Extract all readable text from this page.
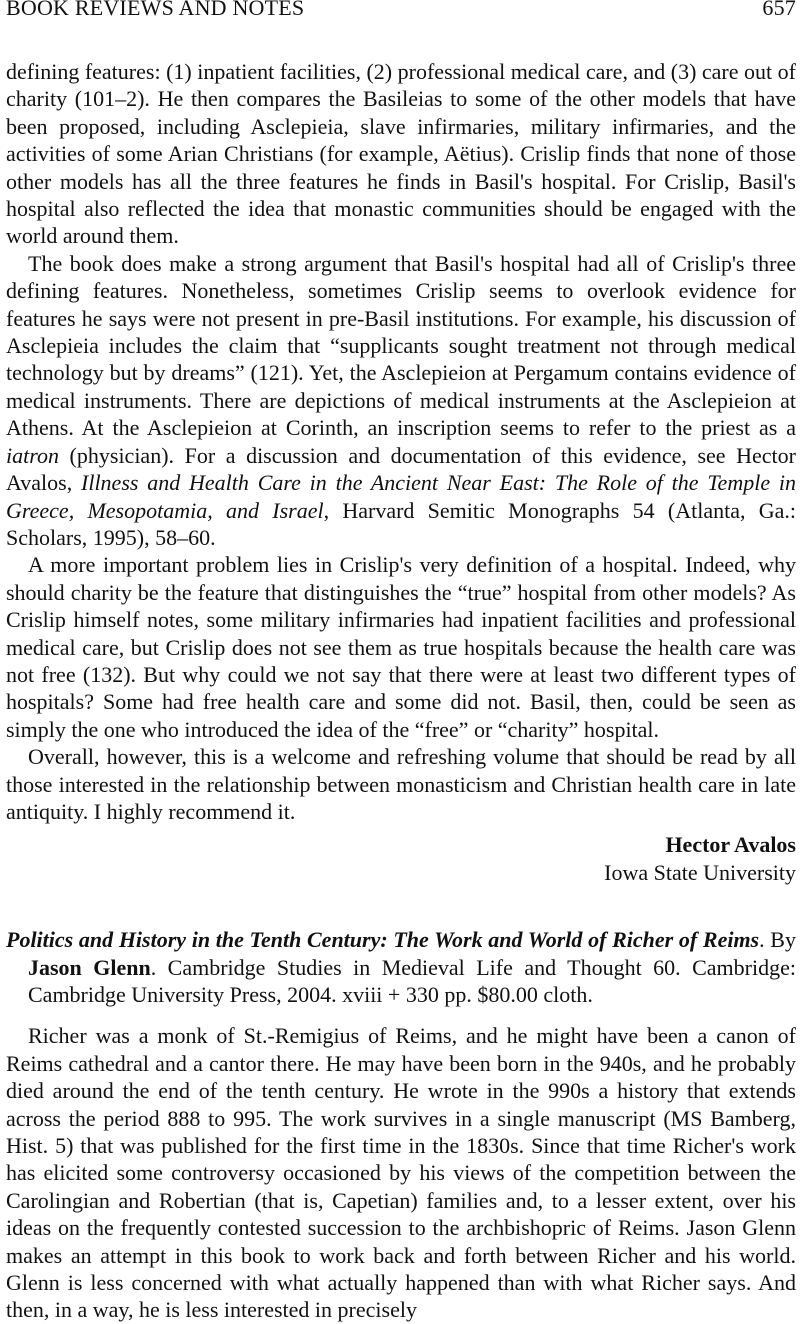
BOOK REVIEWS AND NOTES	657

defining features: (1) inpatient facilities, (2) professional medical care, and (3) care out of charity (101–2). He then compares the Basileias to some of the other models that have been proposed, including Asclepieia, slave infirmaries, military infirmaries, and the activities of some Arian Christians (for example, Aëtius). Crislip finds that none of those other models has all the three features he finds in Basil's hospital. For Crislip, Basil's hospital also reflected the idea that monastic communities should be engaged with the world around them.

The book does make a strong argument that Basil's hospital had all of Crislip's three defining features. Nonetheless, sometimes Crislip seems to overlook evidence for features he says were not present in pre-Basil institutions. For example, his discussion of Asclepieia includes the claim that “supplicants sought treatment not through medical technology but by dreams” (121). Yet, the Asclepieion at Pergamum contains evidence of medical instruments. There are depictions of medical instruments at the Asclepieion at Athens. At the Asclepieion at Corinth, an inscription seems to refer to the priest as a iatron (physician). For a discussion and documentation of this evidence, see Hector Avalos, Illness and Health Care in the Ancient Near East: The Role of the Temple in Greece, Mesopotamia, and Israel, Harvard Semitic Monographs 54 (Atlanta, Ga.: Scholars, 1995), 58–60.

A more important problem lies in Crislip's very definition of a hospital. Indeed, why should charity be the feature that distinguishes the “true” hospital from other models? As Crislip himself notes, some military infirmaries had inpatient facilities and professional medical care, but Crislip does not see them as true hospitals because the health care was not free (132). But why could we not say that there were at least two different types of hospitals? Some had free health care and some did not. Basil, then, could be seen as simply the one who introduced the idea of the “free” or “charity” hospital.

Overall, however, this is a welcome and refreshing volume that should be read by all those interested in the relationship between monasticism and Christian health care in late antiquity. I highly recommend it.

Hector Avalos

Iowa State University

Politics and History in the Tenth Century: The Work and World of Richer of Reims. By Jason Glenn. Cambridge Studies in Medieval Life and Thought 60. Cambridge: Cambridge University Press, 2004. xviii + 330 pp. $80.00 cloth.

Richer was a monk of St.-Remigius of Reims, and he might have been a canon of Reims cathedral and a cantor there. He may have been born in the 940s, and he probably died around the end of the tenth century. He wrote in the 990s a history that extends across the period 888 to 995. The work survives in a single manuscript (MS Bamberg, Hist. 5) that was published for the first time in the 1830s. Since that time Richer's work has elicited some controversy occasioned by his views of the competition between the Carolingian and Robertian (that is, Capetian) families and, to a lesser extent, over his ideas on the frequently contested succession to the archbishopric of Reims. Jason Glenn makes an attempt in this book to work back and forth between Richer and his world. Glenn is less concerned with what actually happened than with what Richer says. And then, in a way, he is less interested in precisely
